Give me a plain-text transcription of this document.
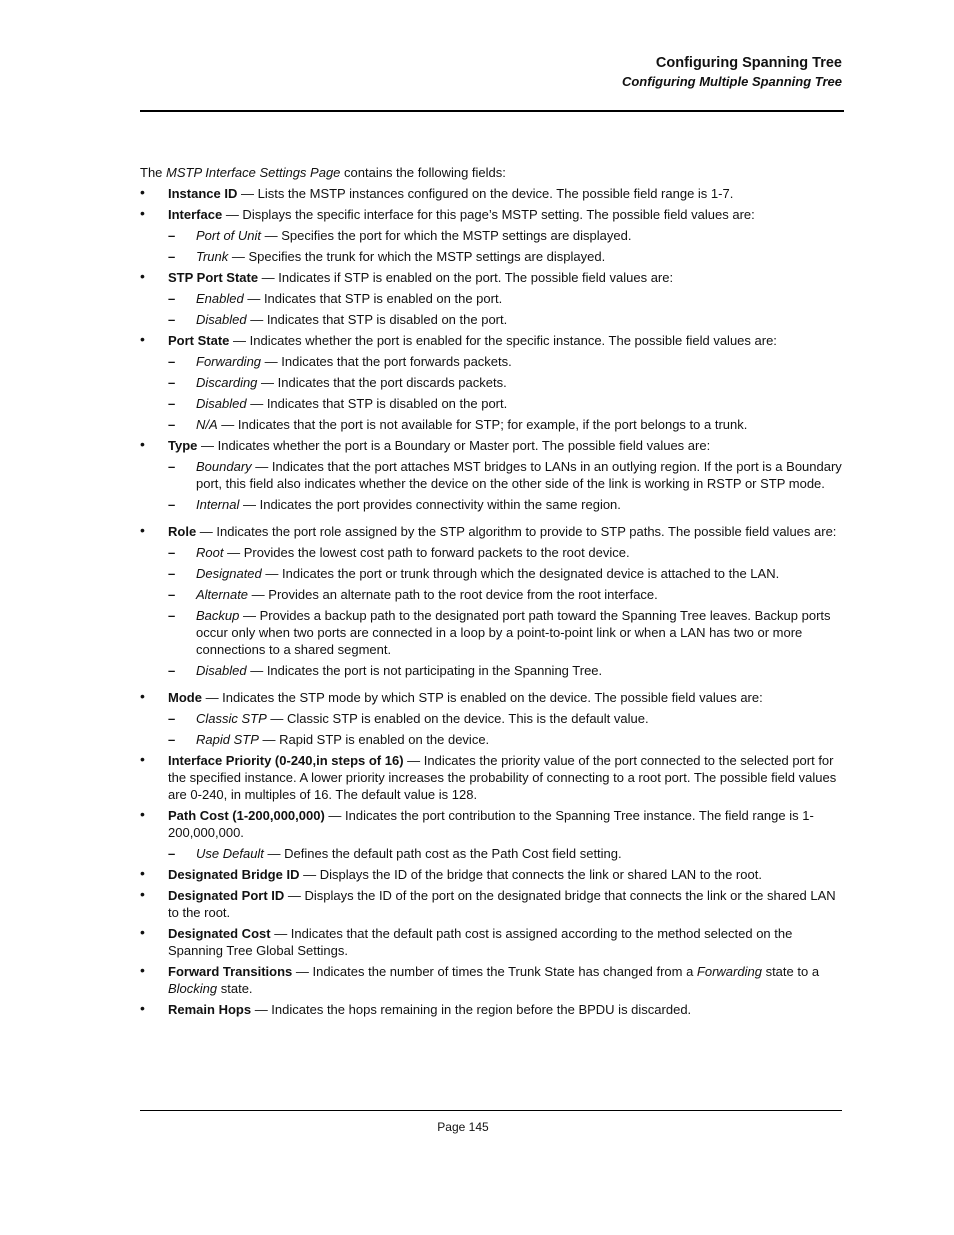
Configuring Spanning Tree
Configuring Multiple Spanning Tree

The MSTP Interface Settings Page contains the following fields:

• Instance ID — Lists the MSTP instances configured on the device. The possible field range is 1-7.
• Interface — Displays the specific interface for this page’s MSTP setting. The possible field values are:
– Port of Unit — Specifies the port for which the MSTP settings are displayed.
– Trunk — Specifies the trunk for which the MSTP settings are displayed.
• STP Port State — Indicates if STP is enabled on the port. The possible field values are:
– Enabled — Indicates that STP is enabled on the port.
– Disabled — Indicates that STP is disabled on the port.
• Port State — Indicates whether the port is enabled for the specific instance. The possible field values are:
– Forwarding — Indicates that the port forwards packets.
– Discarding — Indicates that the port discards packets.
– Disabled — Indicates that STP is disabled on the port.
– N/A — Indicates that the port is not available for STP; for example, if the port belongs to a trunk.
• Type — Indicates whether the port is a Boundary or Master port. The possible field values are:
– Boundary — Indicates that the port attaches MST bridges to LANs in an outlying region. If the port is a Boundary port, this field also indicates whether the device on the other side of the link is working in RSTP or STP mode.
– Internal — Indicates the port provides connectivity within the same region.
• Role — Indicates the port role assigned by the STP algorithm to provide to STP paths. The possible field values are:
– Root — Provides the lowest cost path to forward packets to the root device.
– Designated — Indicates the port or trunk through which the designated device is attached to the LAN.
– Alternate — Provides an alternate path to the root device from the root interface.
– Backup — Provides a backup path to the designated port path toward the Spanning Tree leaves. Backup ports occur only when two ports are connected in a loop by a point-to-point link or when a LAN has two or more connections to a shared segment.
– Disabled — Indicates the port is not participating in the Spanning Tree.
• Mode — Indicates the STP mode by which STP is enabled on the device. The possible field values are:
– Classic STP — Classic STP is enabled on the device. This is the default value.
– Rapid STP — Rapid STP is enabled on the device.
• Interface Priority (0-240,in steps of 16) — Indicates the priority value of the port connected to the selected port for the specified instance. A lower priority increases the probability of connecting to a root port. The possible field values are 0-240, in multiples of 16. The default value is 128.
• Path Cost (1-200,000,000) — Indicates the port contribution to the Spanning Tree instance. The field range is 1-200,000,000.
– Use Default — Defines the default path cost as the Path Cost field setting.
• Designated Bridge ID — Displays the ID of the bridge that connects the link or shared LAN to the root.
• Designated Port ID — Displays the ID of the port on the designated bridge that connects the link or the shared LAN to the root.
• Designated Cost — Indicates that the default path cost is assigned according to the method selected on the Spanning Tree Global Settings.
• Forward Transitions — Indicates the number of times the Trunk State has changed from a Forwarding state to a Blocking state.
• Remain Hops — Indicates the hops remaining in the region before the BPDU is discarded.
Page 145
